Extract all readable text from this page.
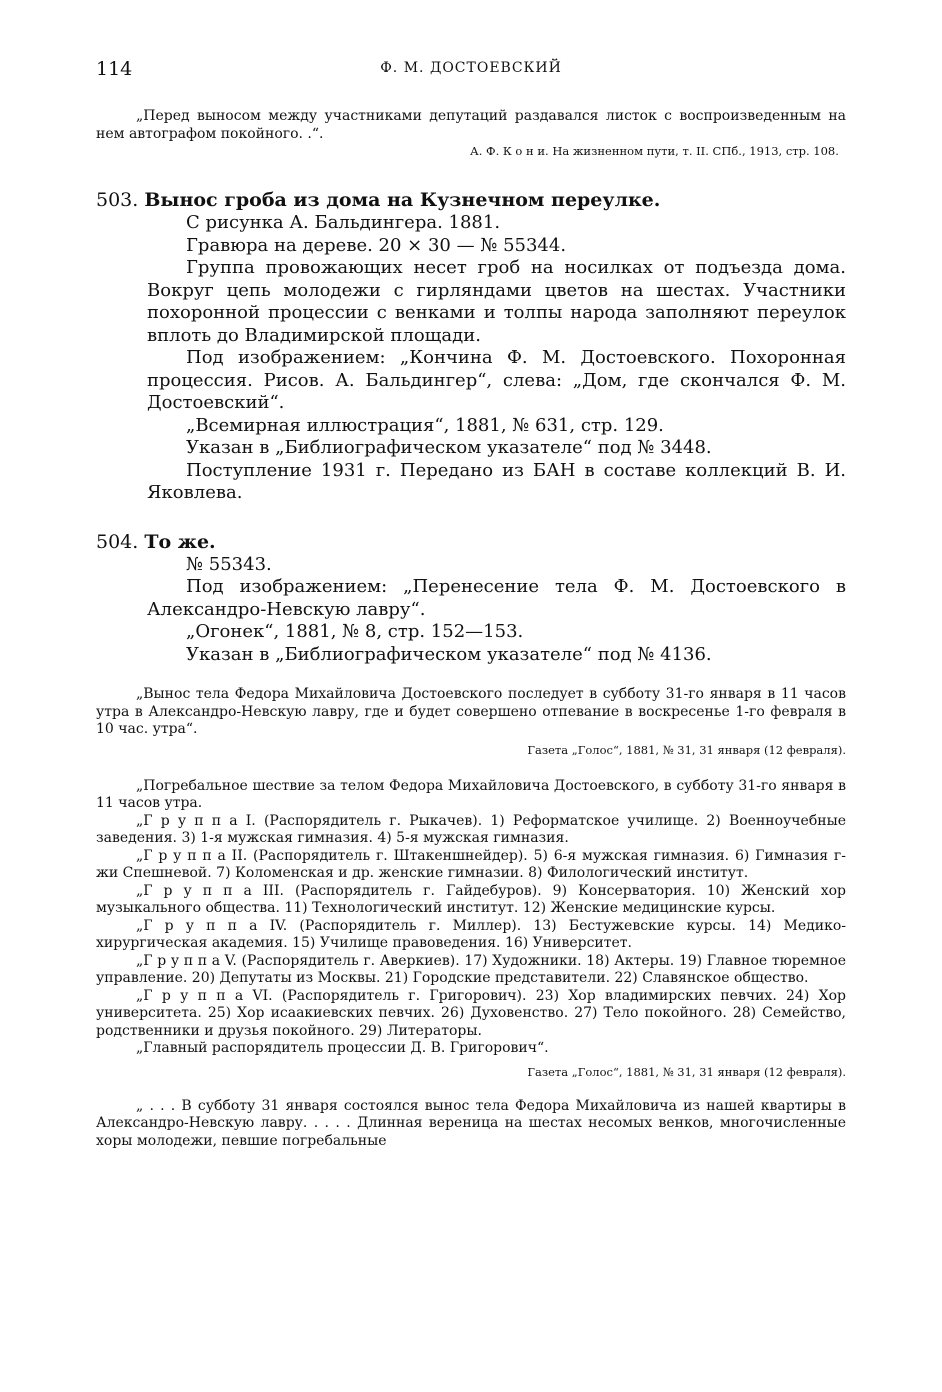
114	Ф. М. ДОСТОЕВСКИЙ

„Перед выносом между участниками депутаций раздавался листок с воспроизведенным на нем автографом покойного. .“.

А. Ф. К о н и. На жизненном пути, т. II. СПб., 1913, стр. 108.

503. Вынос гроба из дома на Кузнечном переулке.

С рисунка А. Бальдингера. 1881.

Гравюра на дереве. 20 × 30 — № 55344.

Группа провожающих несет гроб на носилках от подъезда дома. Вокруг цепь молодежи с гирляндами цветов на шестах. Участники похоронной процессии с венками и толпы народа заполняют переулок вплоть до Владимирской площади.

Под изображением: „Кончина Ф. М. Достоевского. Похоронная процессия. Рисов. А. Бальдингер“, слева: „Дом, где скончался Ф. М. Достоевский“.

„Всемирная иллюстрация“, 1881, № 631, стр. 129.

Указан в „Библиографическом указателе“ под № 3448.

Поступление 1931 г. Передано из БАН в составе коллекций В. И. Яковлева.

504. То же.

№ 55343.

Под изображением: „Перенесение тела Ф. М. Достоевского в Александро-Невскую лавру“.

„Огонек“, 1881, № 8, стр. 152—153.

Указан в „Библиографическом указателе“ под № 4136.

„Вынос тела Федора Михайловича Достоевского последует в субботу 31-го января в 11 часов утра в Александро-Невскую лавру, где и будет совершено отпевание в воскресенье 1-го февраля в 10 час. утра“.

Газета „Голос“, 1881, № 31, 31 января (12 февраля).

„Погребальное шествие за телом Федора Михайловича Достоевского, в субботу 31-го января в 11 часов утра.

„Г р у п п а I. (Распорядитель г. Рыкачев). 1) Реформатское училище. 2) Военноучебные заведения. 3) 1-я мужская гимназия. 4) 5-я мужская гимназия.

„Г р у п п а II. (Распорядитель г. Штакеншнейдер). 5) 6-я мужская гимназия. 6) Гимназия г-жи Спешневой. 7) Коломенская и др. женские гимназии. 8) Филологический институт.

„Г р у п п а III. (Распорядитель г. Гайдебуров). 9) Консерватория. 10) Женский хор музыкального общества. 11) Технологический институт. 12) Женские медицинские курсы.

„Г р у п п а IV. (Распорядитель г. Миллер). 13) Бестужевские курсы. 14) Медико-хирургическая академия. 15) Училище правоведения. 16) Университет.

„Г р у п п а V. (Распорядитель г. Аверкиев). 17) Художники. 18) Актеры. 19) Главное тюремное управление. 20) Депутаты из Москвы. 21) Городские представители. 22) Славянское общество.

„Г р у п п а VI. (Распорядитель г. Григорович). 23) Хор владимирских певчих. 24) Хор университета. 25) Хор исаакиевских певчих. 26) Духовенство. 27) Тело покойного. 28) Семейство, родственники и друзья покойного. 29) Литераторы.

„Главный распорядитель процессии Д. В. Григорович“.

Газета „Голос“, 1881, № 31, 31 января (12 февраля).

„ . . . В субботу 31 января состоялся вынос тела Федора Михайловича из нашей квартиры в Александро-Невскую лавру. . . . . Длинная вереница на шестах несомых венков, многочисленные хоры молодежи, певшие погребальные
